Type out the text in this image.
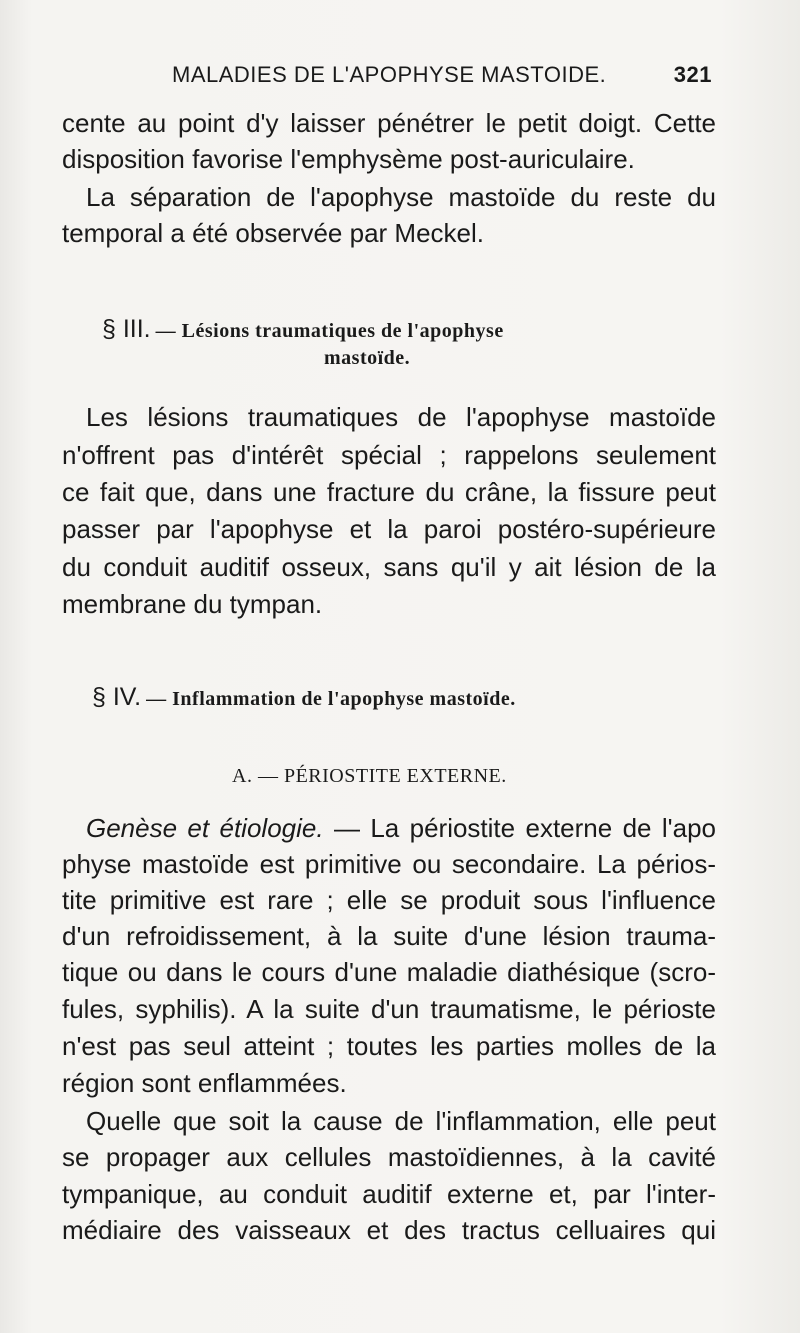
MALADIES DE L'APOPHYSE MASTOIDE.	321
cente au point d'y laisser pénétrer le petit doigt. Cette
disposition favorise l'emphysème post-auriculaire.
La séparation de l'apophyse mastoïde du reste du
temporal a été observée par Meckel.
§ III. — Lésions traumatiques de l'apophyse
mastoïde.
Les lésions traumatiques de l'apophyse mastoïde
n'offrent pas d'intérêt spécial ; rappelons seulement
ce fait que, dans une fracture du crâne, la fissure peut
passer par l'apophyse et la paroi postéro-supérieure
du conduit auditif osseux, sans qu'il y ait lésion de la
membrane du tympan.
§ IV. — Inflammation de l'apophyse mastoïde.
A. — PÉRIOSTITE EXTERNE.
Genèse et étiologie. — La périostite externe de l'apo
physe mastoïde est primitive ou secondaire. La périos-
tite primitive est rare ; elle se produit sous l'influence
d'un refroidissement, à la suite d'une lésion trauma-
tique ou dans le cours d'une maladie diathésique (scro-
fules, syphilis). A la suite d'un traumatisme, le périoste
n'est pas seul atteint ; toutes les parties molles de la
région sont enflammées.
Quelle que soit la cause de l'inflammation, elle peut
se propager aux cellules mastoïdiennes, à la cavité
tympanique, au conduit auditif externe et, par l'inter-
médiaire des vaisseaux et des tractus celluaires qui
